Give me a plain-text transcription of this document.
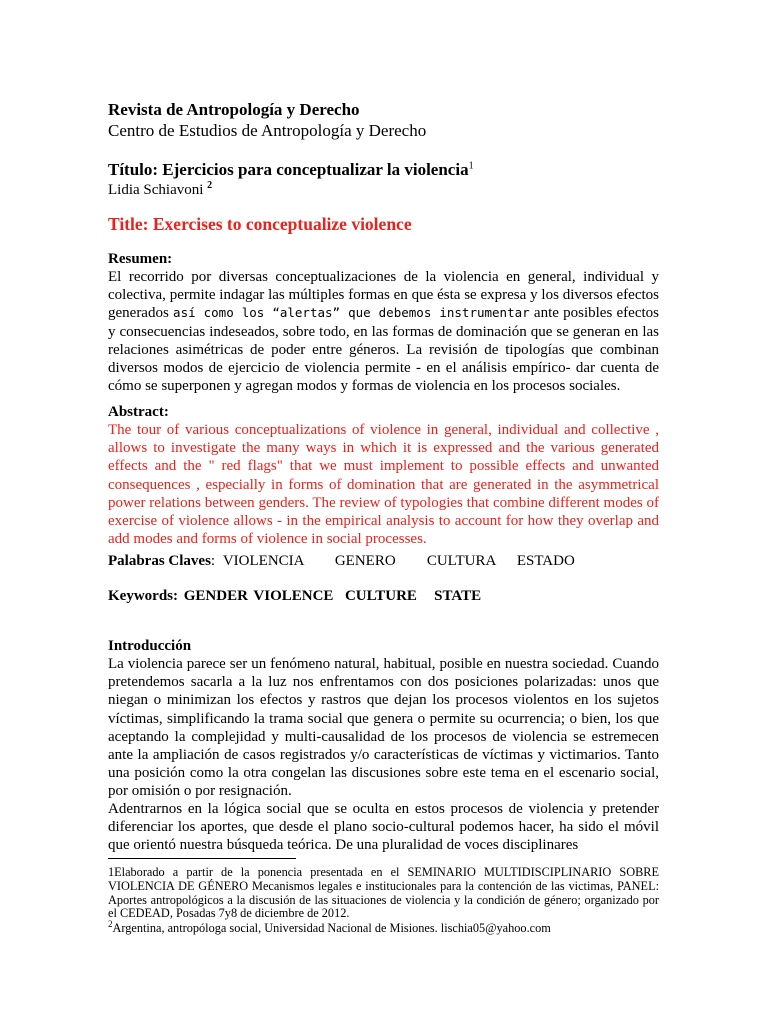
Revista de Antropología y Derecho

Centro de Estudios de Antropología y Derecho

Título: Ejercicios para conceptualizar la violencia$^1$

Lidia Schiavoni $^2$

Title: Exercises to conceptualize violence

Resumen:

El recorrido por diversas conceptualizaciones de la violencia en general, individual y colectiva, permite indagar las múltiples formas en que ésta se expresa y los diversos efectos generados así como los “alertas” que debemos instrumentar ante posibles efectos y consecuencias indeseados, sobre todo, en las formas de dominación que se generan en las relaciones asimétricas de poder entre géneros. La revisión de tipologías que combinan diversos modos de ejercicio de violencia permite - en el análisis empírico- dar cuenta de cómo se superponen y agregan modos y formas de violencia en los procesos sociales.

Abstract:

The tour of various conceptualizations of violence in general, individual and collective , allows to investigate the many ways in which it is expressed and the various generated effects and the " red flags" that we must implement to possible effects and unwanted consequences , especially in forms of domination that are generated in the asymmetrical power relations between genders. The review of typologies that combine different modes of exercise of violence allows - in the empirical analysis to account for how they overlap and add modes and forms of violence in social processes.

Palabras Claves: VIOLENCIA GENERO CULTURA ESTADO

Keywords: GENDER VIOLENCE CULTURE STATE

Introducción

La violencia parece ser un fenómeno natural, habitual, posible en nuestra sociedad. Cuando pretendemos sacarla a la luz nos enfrentamos con dos posiciones polarizadas: unos que niegan o minimizan los efectos y rastros que dejan los procesos violentos en los sujetos víctimas, simplificando la trama social que genera o permite su ocurrencia; o bien, los que aceptando la complejidad y multi-causalidad de los procesos de violencia se estremecen ante la ampliación de casos registrados y/o características de víctimas y victimarios. Tanto una posición como la otra congelan las discusiones sobre este tema en el escenario social, por omisión o por resignación.

Adentrarnos en la lógica social que se oculta en estos procesos de violencia y pretender diferenciar los aportes, que desde el plano socio-cultural podemos hacer, ha sido el móvil que orientó nuestra búsqueda teórica. De una pluralidad de voces disciplinares

1Elaborado a partir de la ponencia presentada en el SEMINARIO MULTIDISCIPLINARIO SOBRE VIOLENCIA DE GÉNERO Mecanismos legales e institucionales para la contención de las victimas, PANEL: Aportes antropológicos a la discusión de las situaciones de violencia y la condición de género; organizado por el CEDEAD, Posadas 7y8 de diciembre de 2012.

$^2$Argentina, antropóloga social, Universidad Nacional de Misiones. lischia05@yahoo.com
